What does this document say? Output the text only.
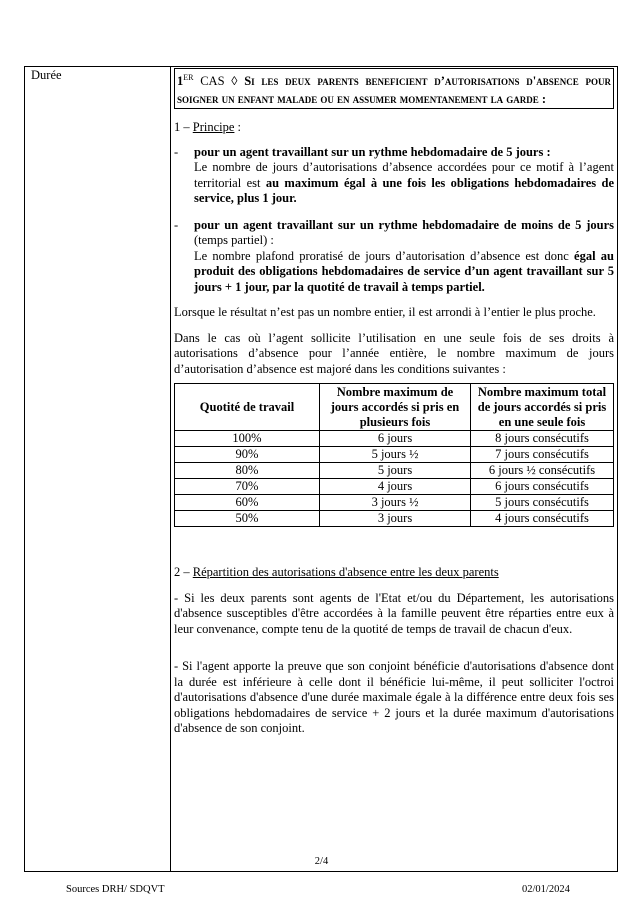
Durée	1ER CAS ◊ Si les deux parents beneficient d’autorisations d'absence pour soigner un enfant malade ou en assumer momentanement la garde :

1 – Principe :

-	pour un agent travaillant sur un rythme hebdomadaire de 5 jours :
Le nombre de jours d’autorisations d’absence accordées pour ce motif à l’agent territorial est au maximum égal à une fois les obligations hebdomadaires de service, plus 1 jour.
-	pour un agent travaillant sur un rythme hebdomadaire de moins de 5 jours (temps partiel) :
Le nombre plafond proratisé de jours d’autorisation d’absence est donc égal au produit des obligations hebdomadaires de service d’un agent travaillant sur 5 jours + 1 jour, par la quotité de travail à temps partiel.

Lorsque le résultat n’est pas un nombre entier, il est arrondi à l’entier le plus proche.

Dans le cas où l’agent sollicite l’utilisation en une seule fois de ses droits à autorisations d’absence pour l’année entière, le nombre maximum de jours d’autorisation d’absence est majoré dans les conditions suivantes :

Quotité de travail	Nombre maximum de jours accordés si pris en plusieurs fois	Nombre maximum total de jours accordés si pris en une seule fois
100%	6 jours	8 jours consécutifs
90%	5 jours ½	7 jours consécutifs
80%	5 jours	6 jours ½ consécutifs
70%	4 jours	6 jours consécutifs
60%	3 jours ½	5 jours consécutifs
50%	3 jours	4 jours consécutifs

2 – Répartition des autorisations d'absence entre les deux parents

- Si les deux parents sont agents de l'Etat et/ou du Département, les autorisations d'absence susceptibles d'être accordées à la famille peuvent être réparties entre eux à leur convenance, compte tenu de la quotité de temps de travail de chacun d'eux.

- Si l'agent apporte la preuve que son conjoint bénéficie d'autorisations d'absence dont la durée est inférieure à celle dont il bénéficie lui-même, il peut solliciter l'octroi d'autorisations d'absence d'une durée maximale égale à la différence entre deux fois ses obligations hebdomadaires de service + 2 jours et la durée maximum d'autorisations d'absence de son conjoint.

2/4
Sources DRH/ SDQVT	02/01/2024
